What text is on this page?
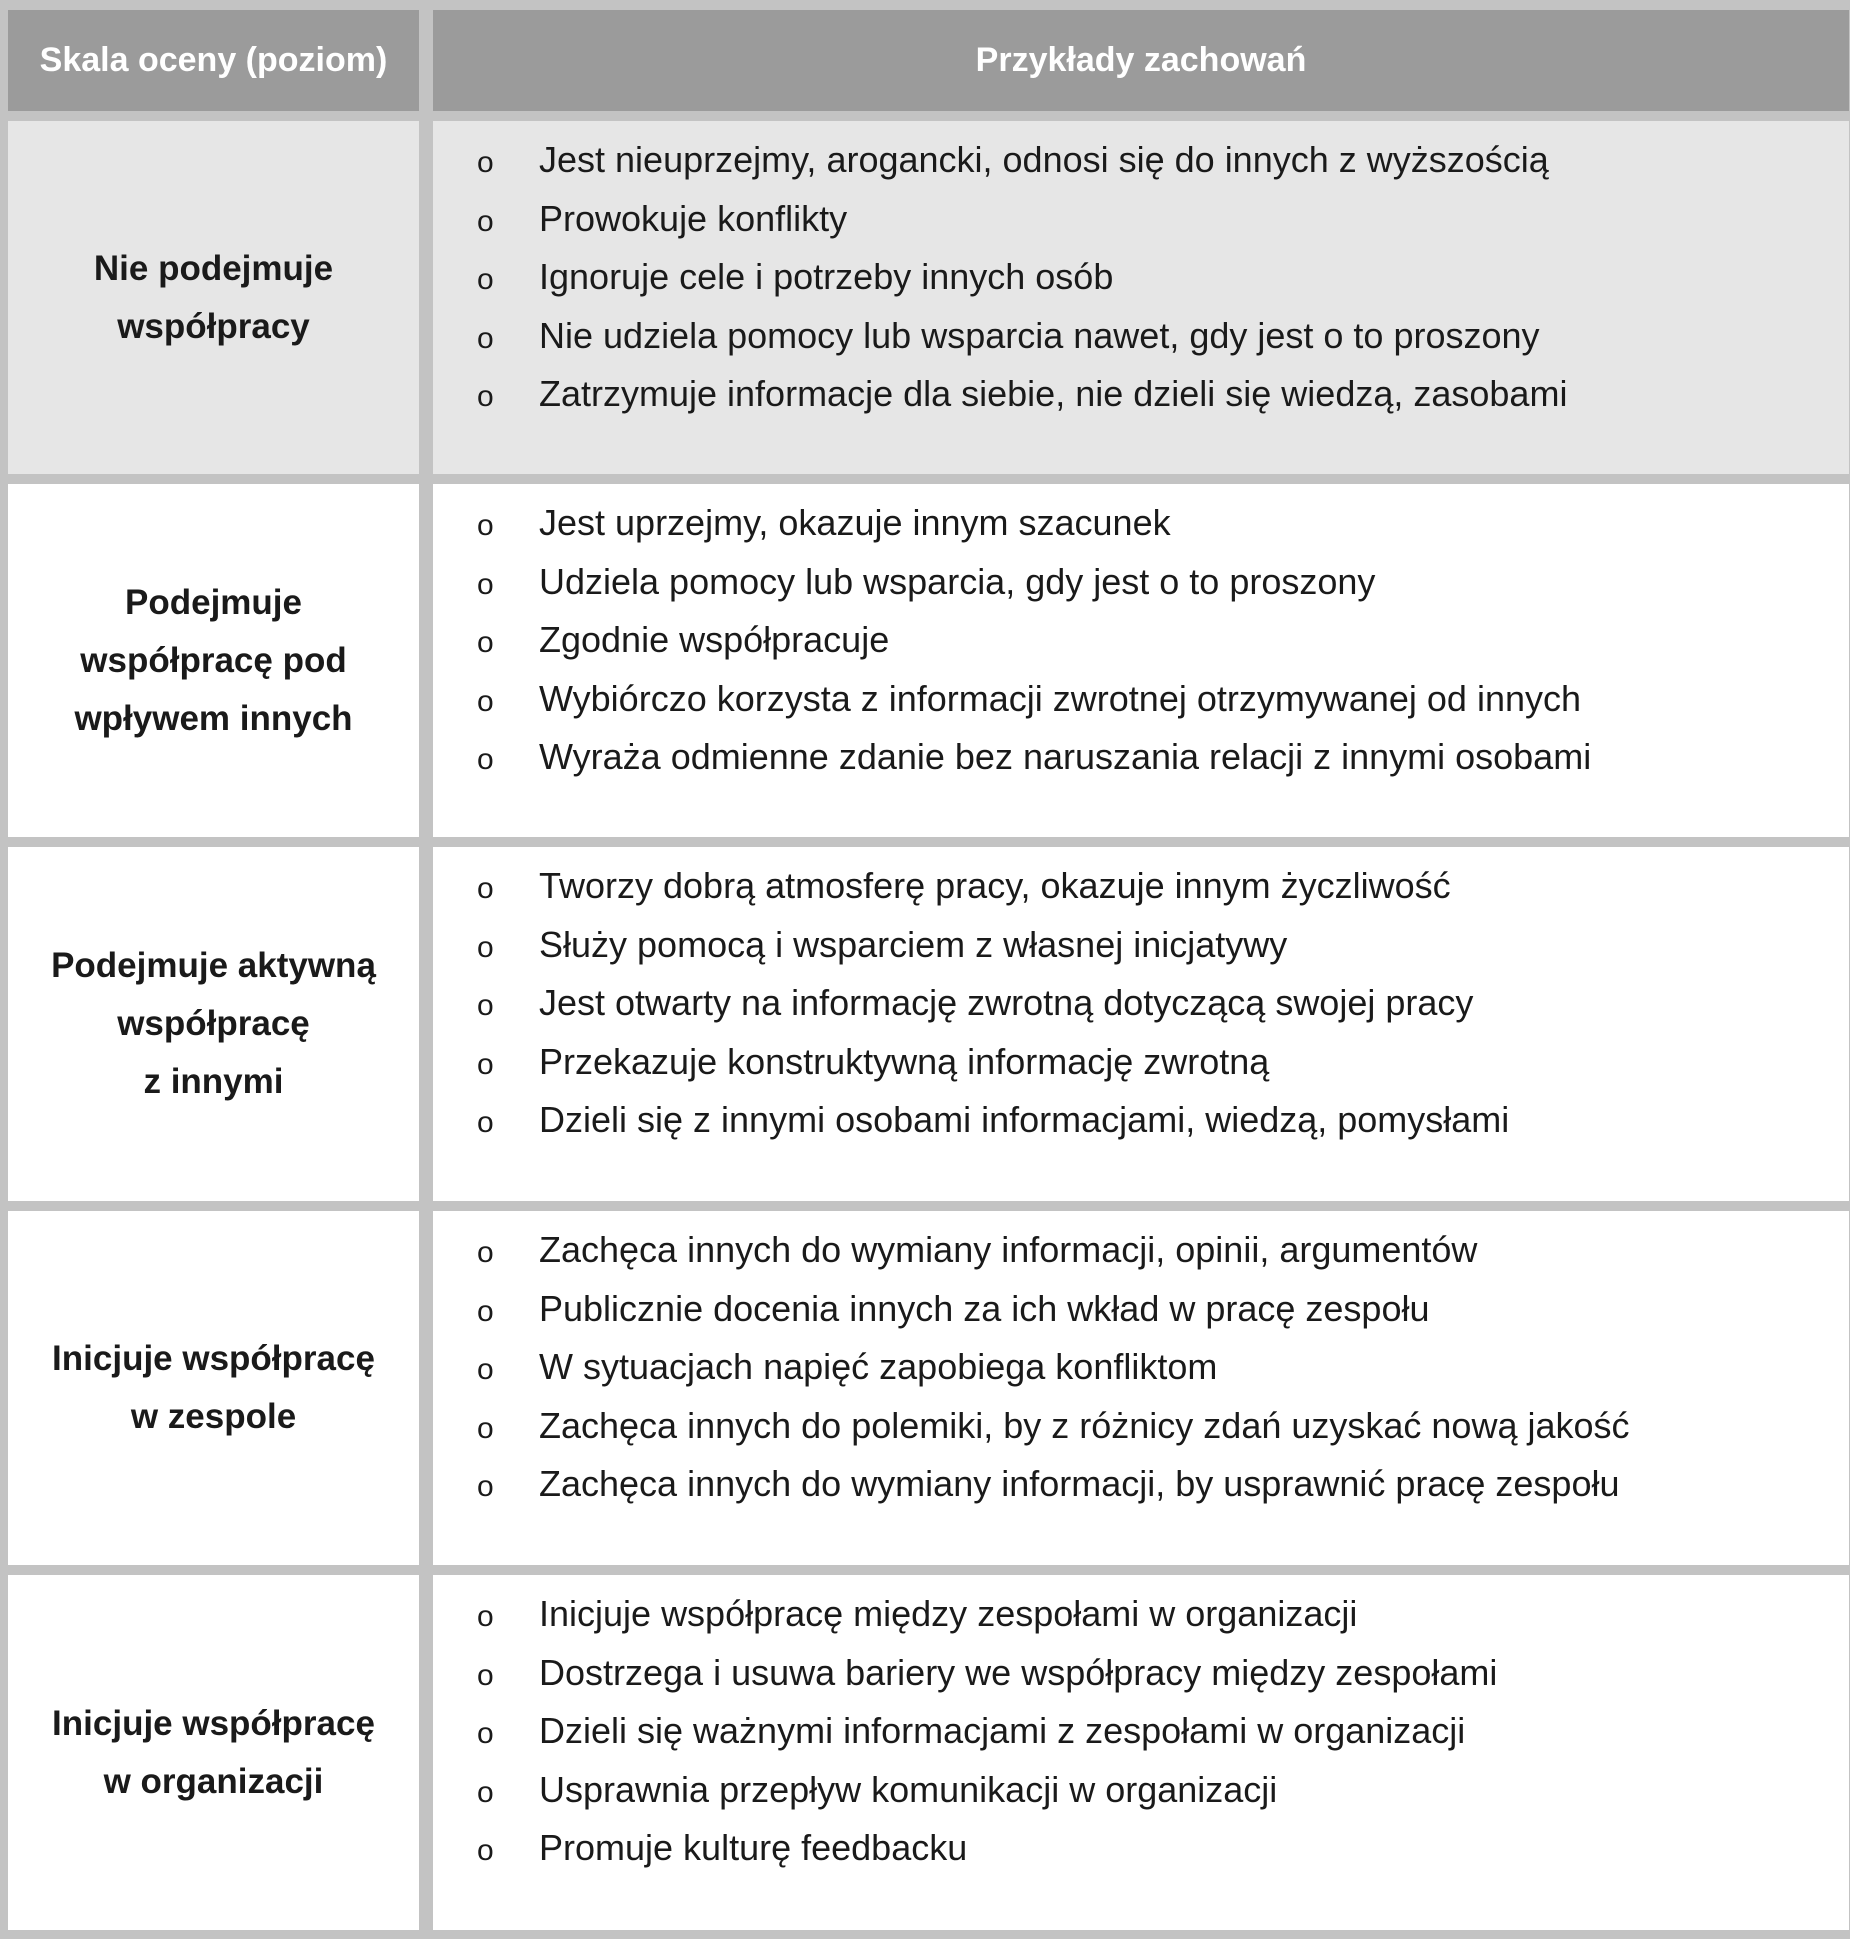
Skala oceny (poziom)	Przykłady zachowań
Nie podejmuje
współpracy
o	Jest nieuprzejmy, arogancki, odnosi się do innych z wyższością
o	Prowokuje konflikty
o	Ignoruje cele i potrzeby innych osób
o	Nie udziela pomocy lub wsparcia nawet, gdy jest o to proszony
o	Zatrzymuje informacje dla siebie, nie dzieli się wiedzą, zasobami
Podejmuje
współpracę pod
wpływem innych
o	Jest uprzejmy, okazuje innym szacunek
o	Udziela pomocy lub wsparcia, gdy jest o to proszony
o	Zgodnie współpracuje
o	Wybiórczo korzysta z informacji zwrotnej otrzymywanej od innych
o	Wyraża odmienne zdanie bez naruszania relacji z innymi osobami
Podejmuje aktywną
współpracę
z innymi
o	Tworzy dobrą atmosferę pracy, okazuje innym życzliwość
o	Służy pomocą i wsparciem z własnej inicjatywy
o	Jest otwarty na informację zwrotną dotyczącą swojej pracy
o	Przekazuje konstruktywną informację zwrotną
o	Dzieli się z innymi osobami informacjami, wiedzą, pomysłami
Inicjuje współpracę
w zespole
o	Zachęca innych do wymiany informacji, opinii, argumentów
o	Publicznie docenia innych za ich wkład w pracę zespołu
o	W sytuacjach napięć zapobiega konfliktom
o	Zachęca innych do polemiki, by z różnicy zdań uzyskać nową jakość
o	Zachęca innych do wymiany informacji, by usprawnić pracę zespołu
Inicjuje współpracę
w organizacji
o	Inicjuje współpracę między zespołami w organizacji
o	Dostrzega i usuwa bariery we współpracy między zespołami
o	Dzieli się ważnymi informacjami z zespołami w organizacji
o	Usprawnia przepływ komunikacji w organizacji
o	Promuje kulturę feedbacku
